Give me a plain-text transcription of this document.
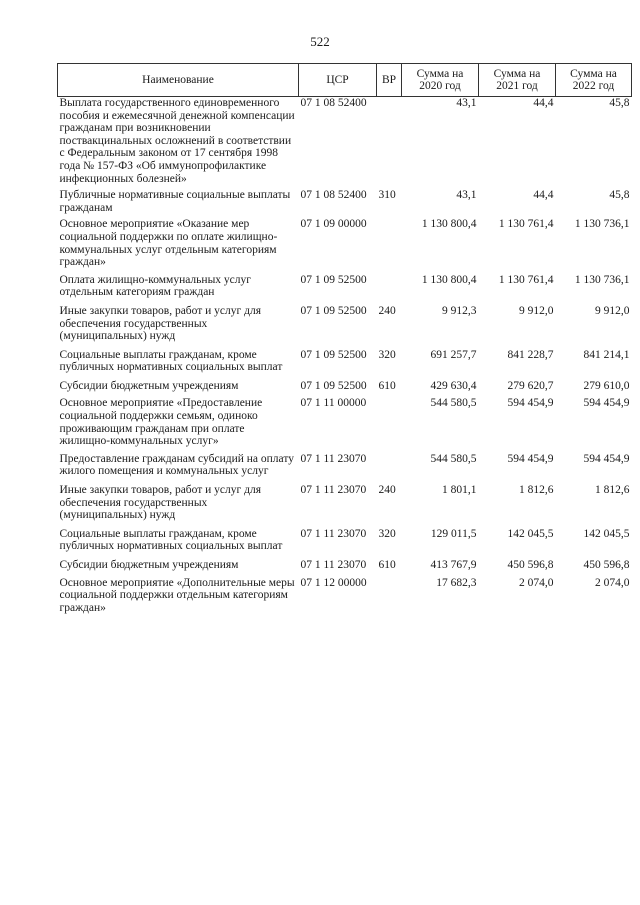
522
Наименование	ЦСР	ВР	Сумма на 2020 год	Сумма на 2021 год	Сумма на 2022 год
Выплата государственного единовременного пособия и ежемесячной денежной компенсации гражданам при возникновении поствакцинальных осложнений в соответствии с Федеральным законом от 17 сентября 1998 года № 157-ФЗ «Об иммунопрофилактике инфекционных болезней»	07 1 08 52400		43,1	44,4	45,8
Публичные нормативные социальные выплаты гражданам	07 1 08 52400	310	43,1	44,4	45,8
Основное мероприятие «Оказание мер социальной поддержки по оплате жилищно-коммунальных услуг отдельным категориям граждан»	07 1 09 00000		1 130 800,4	1 130 761,4	1 130 736,1
Оплата жилищно-коммунальных услуг отдельным категориям граждан	07 1 09 52500		1 130 800,4	1 130 761,4	1 130 736,1
Иные закупки товаров, работ и услуг для обеспечения государственных (муниципальных) нужд	07 1 09 52500	240	9 912,3	9 912,0	9 912,0
Социальные выплаты гражданам, кроме публичных нормативных социальных выплат	07 1 09 52500	320	691 257,7	841 228,7	841 214,1
Субсидии бюджетным учреждениям	07 1 09 52500	610	429 630,4	279 620,7	279 610,0
Основное мероприятие «Предоставление социальной поддержки семьям, одиноко проживающим гражданам при оплате жилищно-коммунальных услуг»	07 1 11 00000		544 580,5	594 454,9	594 454,9
Предоставление гражданам субсидий на оплату жилого помещения и коммунальных услуг	07 1 11 23070		544 580,5	594 454,9	594 454,9
Иные закупки товаров, работ и услуг для обеспечения государственных (муниципальных) нужд	07 1 11 23070	240	1 801,1	1 812,6	1 812,6
Социальные выплаты гражданам, кроме публичных нормативных социальных выплат	07 1 11 23070	320	129 011,5	142 045,5	142 045,5
Субсидии бюджетным учреждениям	07 1 11 23070	610	413 767,9	450 596,8	450 596,8
Основное мероприятие «Дополнительные меры социальной поддержки отдельным категориям граждан»	07 1 12 00000		17 682,3	2 074,0	2 074,0
